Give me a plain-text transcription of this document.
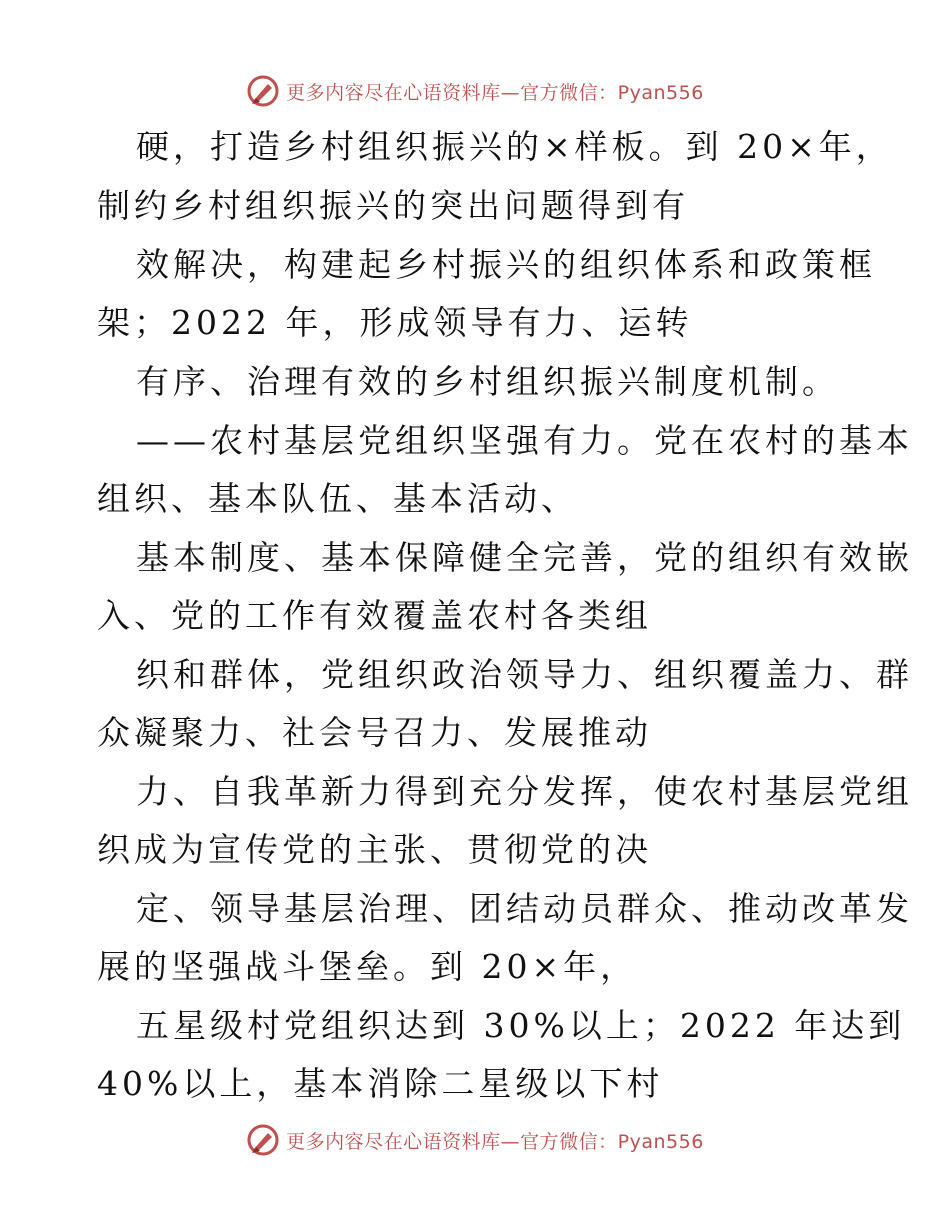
更多内容尽在心语资料库—官方微信：Pyan556
硬，打造乡村组织振兴的×样板。到 20×年，
制约乡村组织振兴的突出问题得到有
效解决，构建起乡村振兴的组织体系和政策框
架；2022 年，形成领导有力、运转
有序、治理有效的乡村组织振兴制度机制。
——农村基层党组织坚强有力。党在农村的基本
组织、基本队伍、基本活动、
基本制度、基本保障健全完善，党的组织有效嵌
入、党的工作有效覆盖农村各类组
织和群体，党组织政治领导力、组织覆盖力、群
众凝聚力、社会号召力、发展推动
力、自我革新力得到充分发挥，使农村基层党组
织成为宣传党的主张、贯彻党的决
定、领导基层治理、团结动员群众、推动改革发
展的坚强战斗堡垒。到 20×年，
五星级村党组织达到 30%以上；2022 年达到
40%以上，基本消除二星级以下村
更多内容尽在心语资料库—官方微信：Pyan556
